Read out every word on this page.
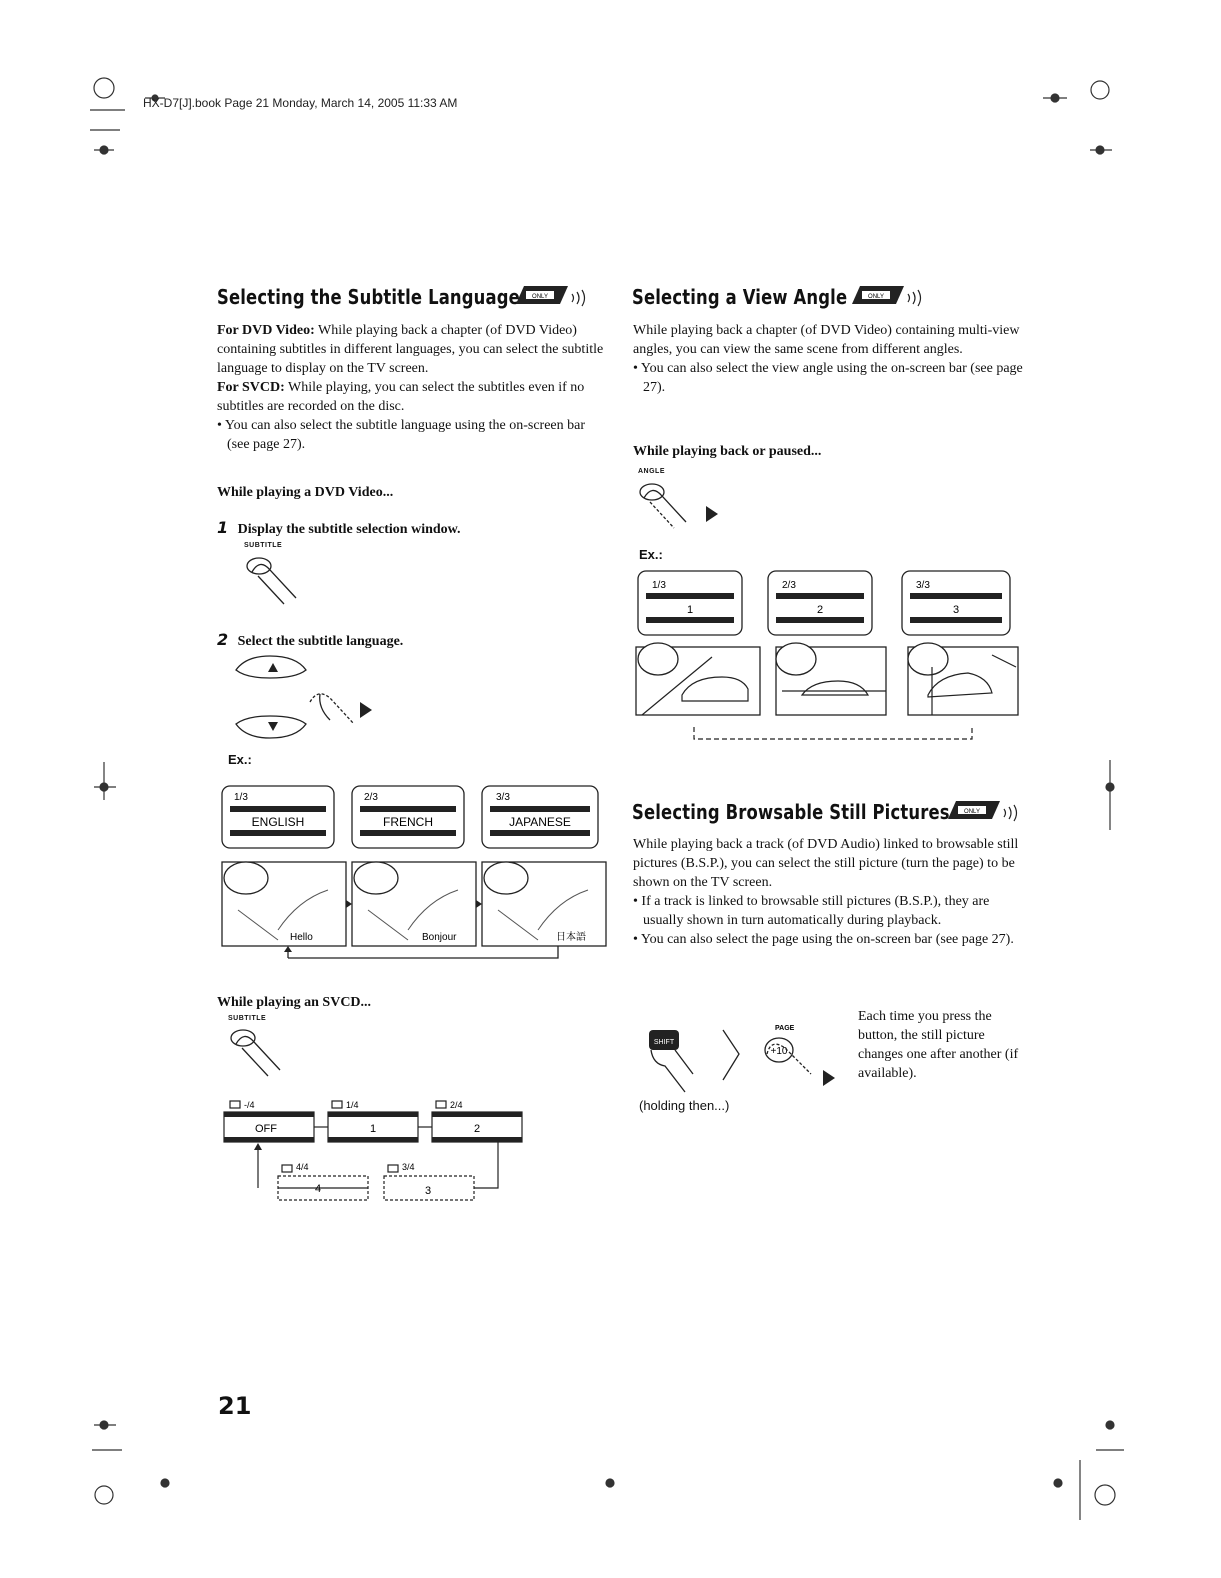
HX-D7[J].book Page 21 Monday, March 14, 2005 11:33 AM
Selecting the Subtitle Language ONLY
For DVD Video: While playing back a chapter (of DVD Video) containing subtitles in different languages, you can select the subtitle language to display on the TV screen.
For SVCD: While playing, you can select the subtitles even if no subtitles are recorded on the disc.
• You can also select the subtitle language using the on-screen bar (see page 27).
While playing a DVD Video...
1 Display the subtitle selection window.
SUBTITLE
2 Select the subtitle language.
Ex.:
1/3
ENGLISH
Hello
2/3
FRENCH
Bonjour
3/3
JAPANESE
日本語
While playing an SVCD...
SUBTITLE
-/4
OFF
1/4
1
2/4
2
4/4
4
3/4
3
Selecting a View Angle	ONLY
While playing back a chapter (of DVD Video) containing multi-view angles, you can view the same scene from different angles.
• You can also select the view angle using the on-screen bar (see page 27).
While playing back or paused...
ANGLE
Ex.:
1/3
1
2/3
2
3/3
3
Selecting Browsable Still Pictures ONLY
While playing back a track (of DVD Audio) linked to browsable still pictures (B.S.P.), you can select the still picture (turn the page) to be shown on the TV screen.
• If a track is linked to browsable still pictures (B.S.P.), they are usually shown in turn automatically during playback.
• You can also select the page using the on-screen bar (see page 27).
SHIFT
PAGE
+10
(holding then...)
Each time you press the button, the still picture changes one after another (if available).
21
